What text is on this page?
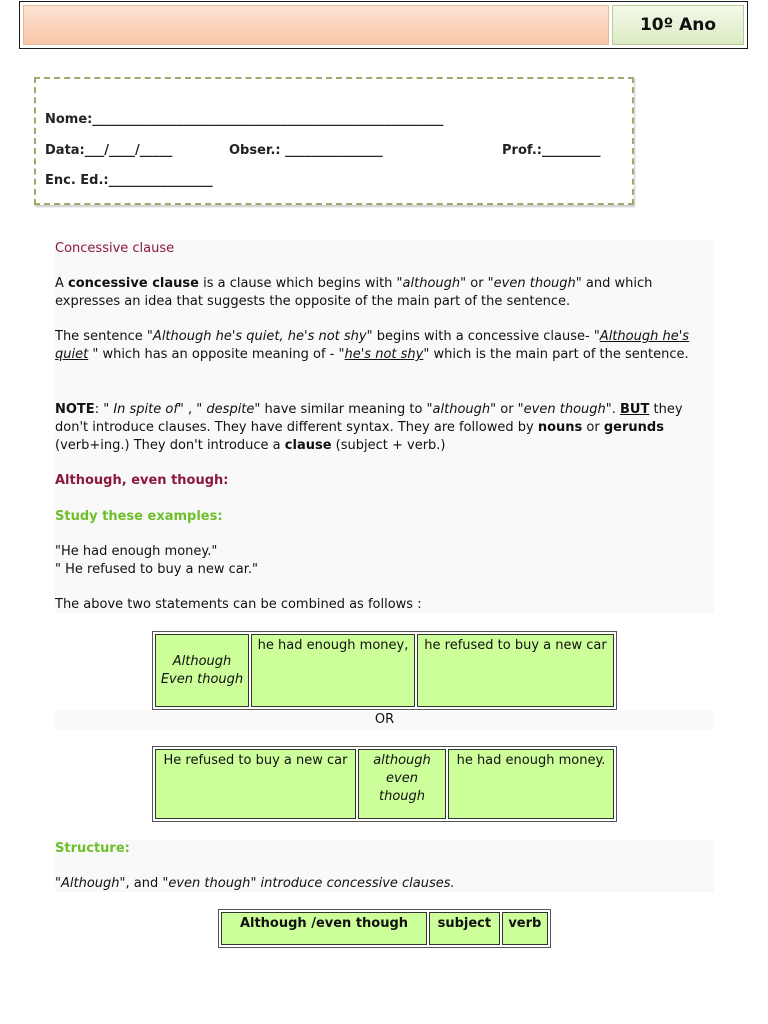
10º Ano
Nome:______________________________________________________
Data:___/____/_____	Obser.: _______________	Prof.:_________
Enc. Ed.:________________
Concessive clause
A concessive clause is a clause which begins with "although" or "even though" and which expresses an idea that suggests the opposite of the main part of the sentence.
The sentence "Although he's quiet, he's not shy" begins with a concessive clause- "Although he's quiet " which has an opposite meaning of - "he's not shy" which is the main part of the sentence.
NOTE: " In spite of" , " despite" have similar meaning to "although" or "even though". BUT they don't introduce clauses. They have different syntax. They are followed by nouns or gerunds (verb+ing.) They don't introduce a clause (subject + verb.)
Although, even though:
Study these examples:
"He had enough money."
" He refused to buy a new car."
The above two statements can be combined as follows :
Although
Even though	he had enough money,	he refused to buy a new car
OR
He refused to buy a new car	although even though	he had enough money.
Structure:
"Although", and "even though" introduce concessive clauses.
Although /even though	subject	verb
